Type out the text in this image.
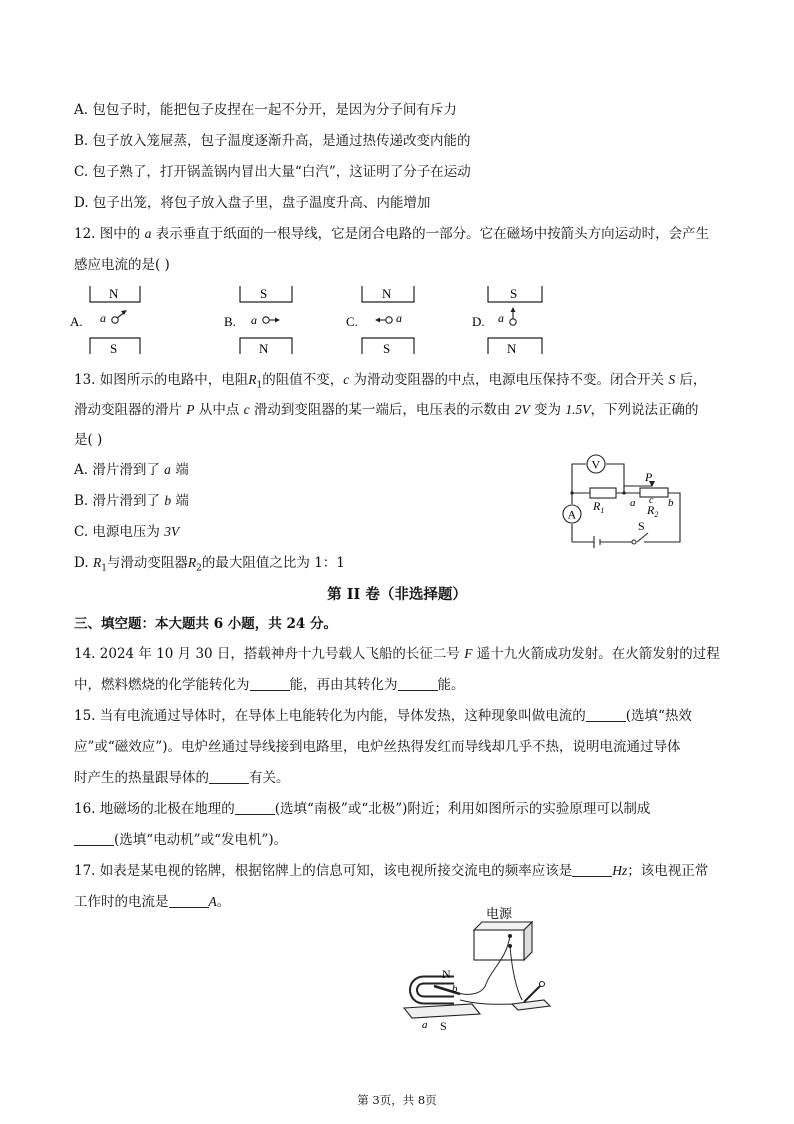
A. 包包子时，能把包子皮捏在一起不分开，是因为分子间有斥力
B. 包子放入笼屉蒸，包子温度逐渐升高，是通过热传递改变内能的
C. 包子熟了，打开锅盖锅内冒出大量“白汽”，这证明了分子在运动
D. 包子出笼，将包子放入盘子里，盘子温度升高、内能增加
12. 图中的 a 表示垂直于纸面的一根导线，它是闭合电路的一部分。它在磁场中按箭头方向运动时，会产生
感应电流的是( )
A.	B.	C.	D.
N
S
S
N
N
S
S
N
a	a	a	a
13. 如图所示的电路中，电阻$R_1$的阻值不变，c 为滑动变阻器的中点，电源电压保持不变。闭合开关 S 后，
滑动变阻器的滑片 P 从中点 c 滑动到变阻器的某一端后，电压表的示数由 2V 变为 1.5V，下列说法正确的
是( )
A. 滑片滑到了 a 端
B. 滑片滑到了 b 端
C. 电源电压为 3V
D. $R_1$与滑动变阻器$R_2$的最大阻值之比为 1：1
V
A
P
$R_1$	$R_2$
a c b
S
第 II 卷（非选择题）
三、填空题：本大题共 6 小题，共 24 分。
14. 2024 年 10 月 30 日，搭载神舟十九号载人飞船的长征二号 F 遥十九火箭成功发射。在火箭发射的过程
中，燃料燃烧的化学能转化为	能，再由其转化为	能。
15. 当有电流通过导体时，在导体上电能转化为内能，导体发热，这种现象叫做电流的	(选填“热效
应”或“磁效应”)。电炉丝通过导线接到电路里，电炉丝热得发红而导线却几乎不热，说明电流通过导体
时产生的热量跟导体的	有关。
16. 地磁场的北极在地理的	(选填“南极”或“北极”)附近；利用如图所示的实验原理可以制成
(选填“电动机”或“发电机”)。
17. 如表是某电视的铭牌，根据铭牌上的信息可知，该电视所接交流电的频率应该是	Hz；该电视正常
工作时的电流是	A。
电源
N
S
b
a
第 3页，共 8页
